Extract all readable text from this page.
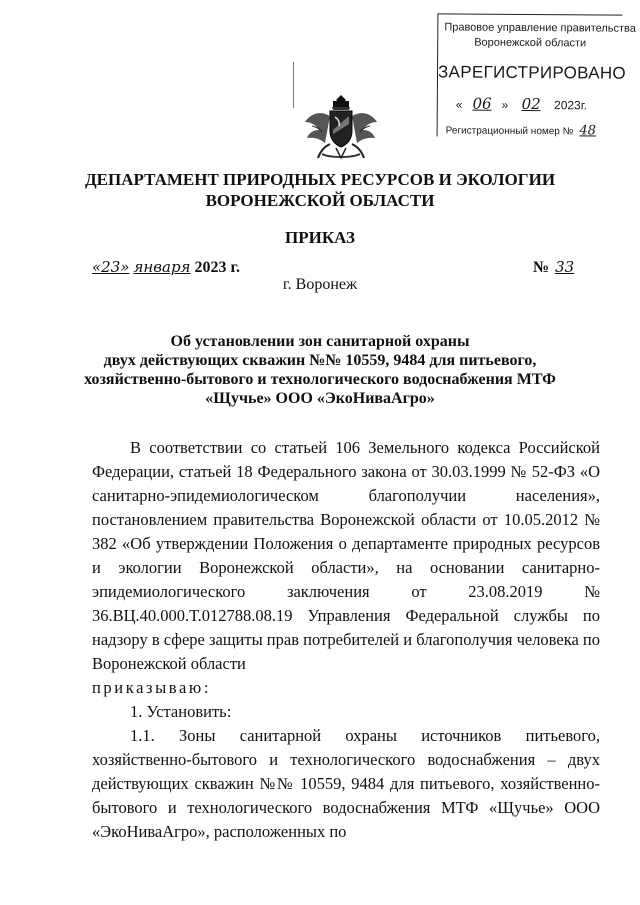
Правовое управление правительства
Воронежской области
ЗАРЕГИСТРИРОВАНО
« 06 » 02 2023г.
Регистрационный номер № 48
ДЕПАРТАМЕНТ ПРИРОДНЫХ РЕСУРСОВ И ЭКОЛОГИИ
ВОРОНЕЖСКОЙ ОБЛАСТИ
ПРИКАЗ
«23» января 2023 г.	№ 33
г. Воронеж
Об установлении зон санитарной охраны
двух действующих скважин №№ 10559, 9484 для питьевого,
хозяйственно-бытового и технологического водоснабжения МТФ
«Щучье» ООО «ЭкоНиваАгро»

В соответствии со статьей 106 Земельного кодекса Российской Федерации, статьей 18 Федерального закона от 30.03.1999 № 52-ФЗ «О санитарно-эпидемиологическом благополучии населения», постановлением правительства Воронежской области от 10.05.2012 № 382 «Об утверждении Положения о департаменте природных ресурсов и экологии Воронежской области», на основании санитарно-эпидемиологического заключения от 23.08.2019 № 36.ВЦ.40.000.Т.012788.08.19 Управления Федеральной службы по надзору в сфере защиты прав потребителей и благополучия человека по Воронежской области

приказываю:

1. Установить:

1.1. Зоны санитарной охраны источников питьевого, хозяйственно-бытового и технологического водоснабжения – двух действующих скважин №№ 10559, 9484 для питьевого, хозяйственно-бытового и технологического водоснабжения МТФ «Щучье» ООО «ЭкоНиваАгро», расположенных по
